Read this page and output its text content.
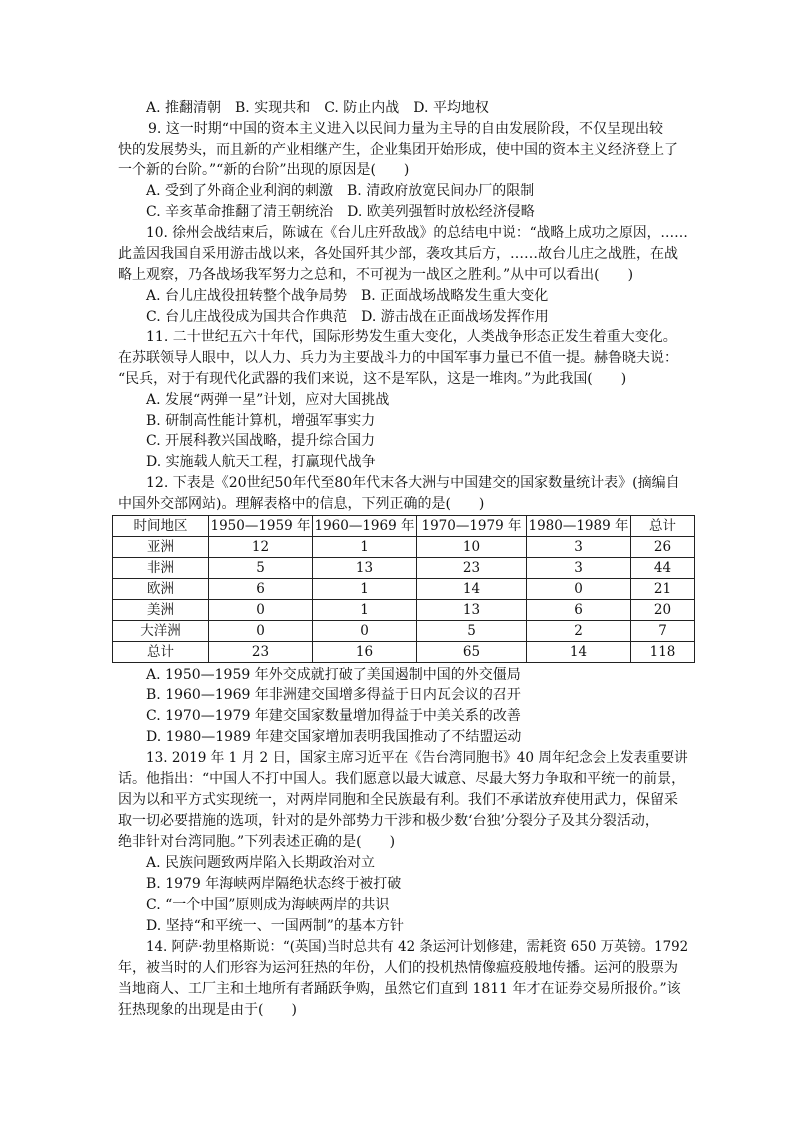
A. 推翻清朝　B. 实现共和　C. 防止内战　D. 平均地权
9. 这一时期“中国的资本主义进入以民间力量为主导的自由发展阶段，不仅呈现出较
快的发展势头，而且新的产业相继产生，企业集团开始形成，使中国的资本主义经济登上了
一个新的台阶。”“新的台阶”出现的原因是(　　)
A. 受到了外商企业利润的刺激　B. 清政府放宽民间办厂的限制
C. 辛亥革命推翻了清王朝统治　D. 欧美列强暂时放松经济侵略
10. 徐州会战结束后，陈诚在《台儿庄歼敌战》的总结电中说：“战略上成功之原因，……
此盖因我国自采用游击战以来，各处国歼其少部，袭攻其后方，……故台儿庄之战胜，在战
略上观察，乃各战场我军努力之总和，不可视为一战区之胜利。”从中可以看出(　　)
A. 台儿庄战役扭转整个战争局势　B. 正面战场战略发生重大变化
C. 台儿庄战役成为国共合作典范　D. 游击战在正面战场发挥作用
11. 二十世纪五六十年代，国际形势发生重大变化，人类战争形态正发生着重大变化。
在苏联领导人眼中，以人力、兵力为主要战斗力的中国军事力量已不值一提。赫鲁晓夫说：
“民兵，对于有现代化武器的我们来说，这不是军队，这是一堆肉。”为此我国(　　)
A. 发展“两弹一星”计划，应对大国挑战
B. 研制高性能计算机，增强军事实力
C. 开展科教兴国战略，提升综合国力
D. 实施载人航天工程，打赢现代战争
12. 下表是《20世纪50年代至80年代末各大洲与中国建交的国家数量统计表》(摘编自
中国外交部网站)。理解表格中的信息，下列正确的是(　　)
时间地区	1950—1959 年	1960—1969 年	1970—1979 年	1980—1989 年	总计
亚洲	12	1	10	3	26
非洲	5	13	23	3	44
欧洲	6	1	14	0	21
美洲	0	1	13	6	20
大洋洲	0	0	5	2	7
总计	23	16	65	14	118
A. 1950—1959 年外交成就打破了美国遏制中国的外交僵局
B. 1960—1969 年非洲建交国增多得益于日内瓦会议的召开
C. 1970—1979 年建交国家数量增加得益于中美关系的改善
D. 1980—1989 年建交国家增加表明我国推动了不结盟运动
13. 2019 年 1 月 2 日，国家主席习近平在《告台湾同胞书》40 周年纪念会上发表重要讲
话。他指出：“中国人不打中国人。我们愿意以最大诚意、尽最大努力争取和平统一的前景，
因为以和平方式实现统一，对两岸同胞和全民族最有利。我们不承诺放弃使用武力，保留采
取一切必要措施的选项，针对的是外部势力干涉和极少数‘台独’分裂分子及其分裂活动，
绝非针对台湾同胞。”下列表述正确的是(　　)
A. 民族问题致两岸陷入长期政治对立
B. 1979 年海峡两岸隔绝状态终于被打破
C. “一个中国”原则成为海峡两岸的共识
D. 坚持“和平统一、一国两制”的基本方针
14. 阿萨·勃里格斯说：“(英国)当时总共有 42 条运河计划修建，需耗资 650 万英镑。1792
年，被当时的人们形容为运河狂热的年份，人们的投机热情像瘟疫般地传播。运河的股票为
当地商人、工厂主和土地所有者踊跃争购，虽然它们直到 1811 年才在证券交易所报价。”该
狂热现象的出现是由于(　　)
